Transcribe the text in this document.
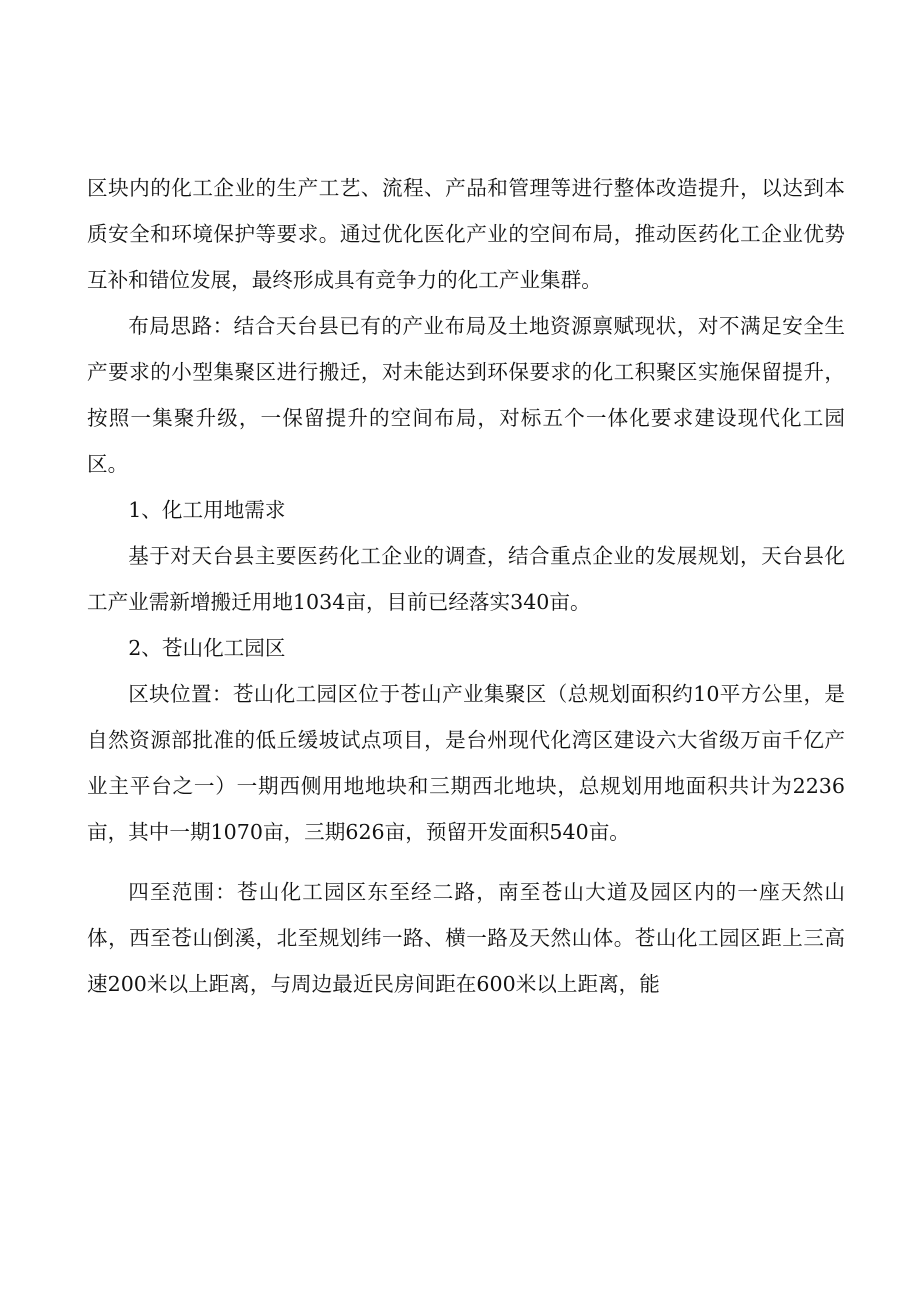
区块内的化工企业的生产工艺、流程、产品和管理等进行整体改造提升，以达到本质安全和环境保护等要求。通过优化医化产业的空间布局，推动医药化工企业优势互补和错位发展，最终形成具有竞争力的化工产业集群。

布局思路：结合天台县已有的产业布局及土地资源禀赋现状，对不满足安全生产要求的小型集聚区进行搬迁，对未能达到环保要求的化工积聚区实施保留提升，按照一集聚升级，一保留提升的空间布局，对标五个一体化要求建设现代化工园区。

1、化工用地需求

基于对天台县主要医药化工企业的调查，结合重点企业的发展规划，天台县化工产业需新增搬迁用地1034亩，目前已经落实340亩。

2、苍山化工园区

区块位置：苍山化工园区位于苍山产业集聚区（总规划面积约10平方公里，是自然资源部批准的低丘缓坡试点项目，是台州现代化湾区建设六大省级万亩千亿产业主平台之一）一期西侧用地地块和三期西北地块，总规划用地面积共计为2236亩，其中一期1070亩，三期626亩，预留开发面积540亩。

四至范围：苍山化工园区东至经二路，南至苍山大道及园区内的一座天然山体，西至苍山倒溪，北至规划纬一路、横一路及天然山体。苍山化工园区距上三高速200米以上距离，与周边最近民房间距在600米以上距离，能
